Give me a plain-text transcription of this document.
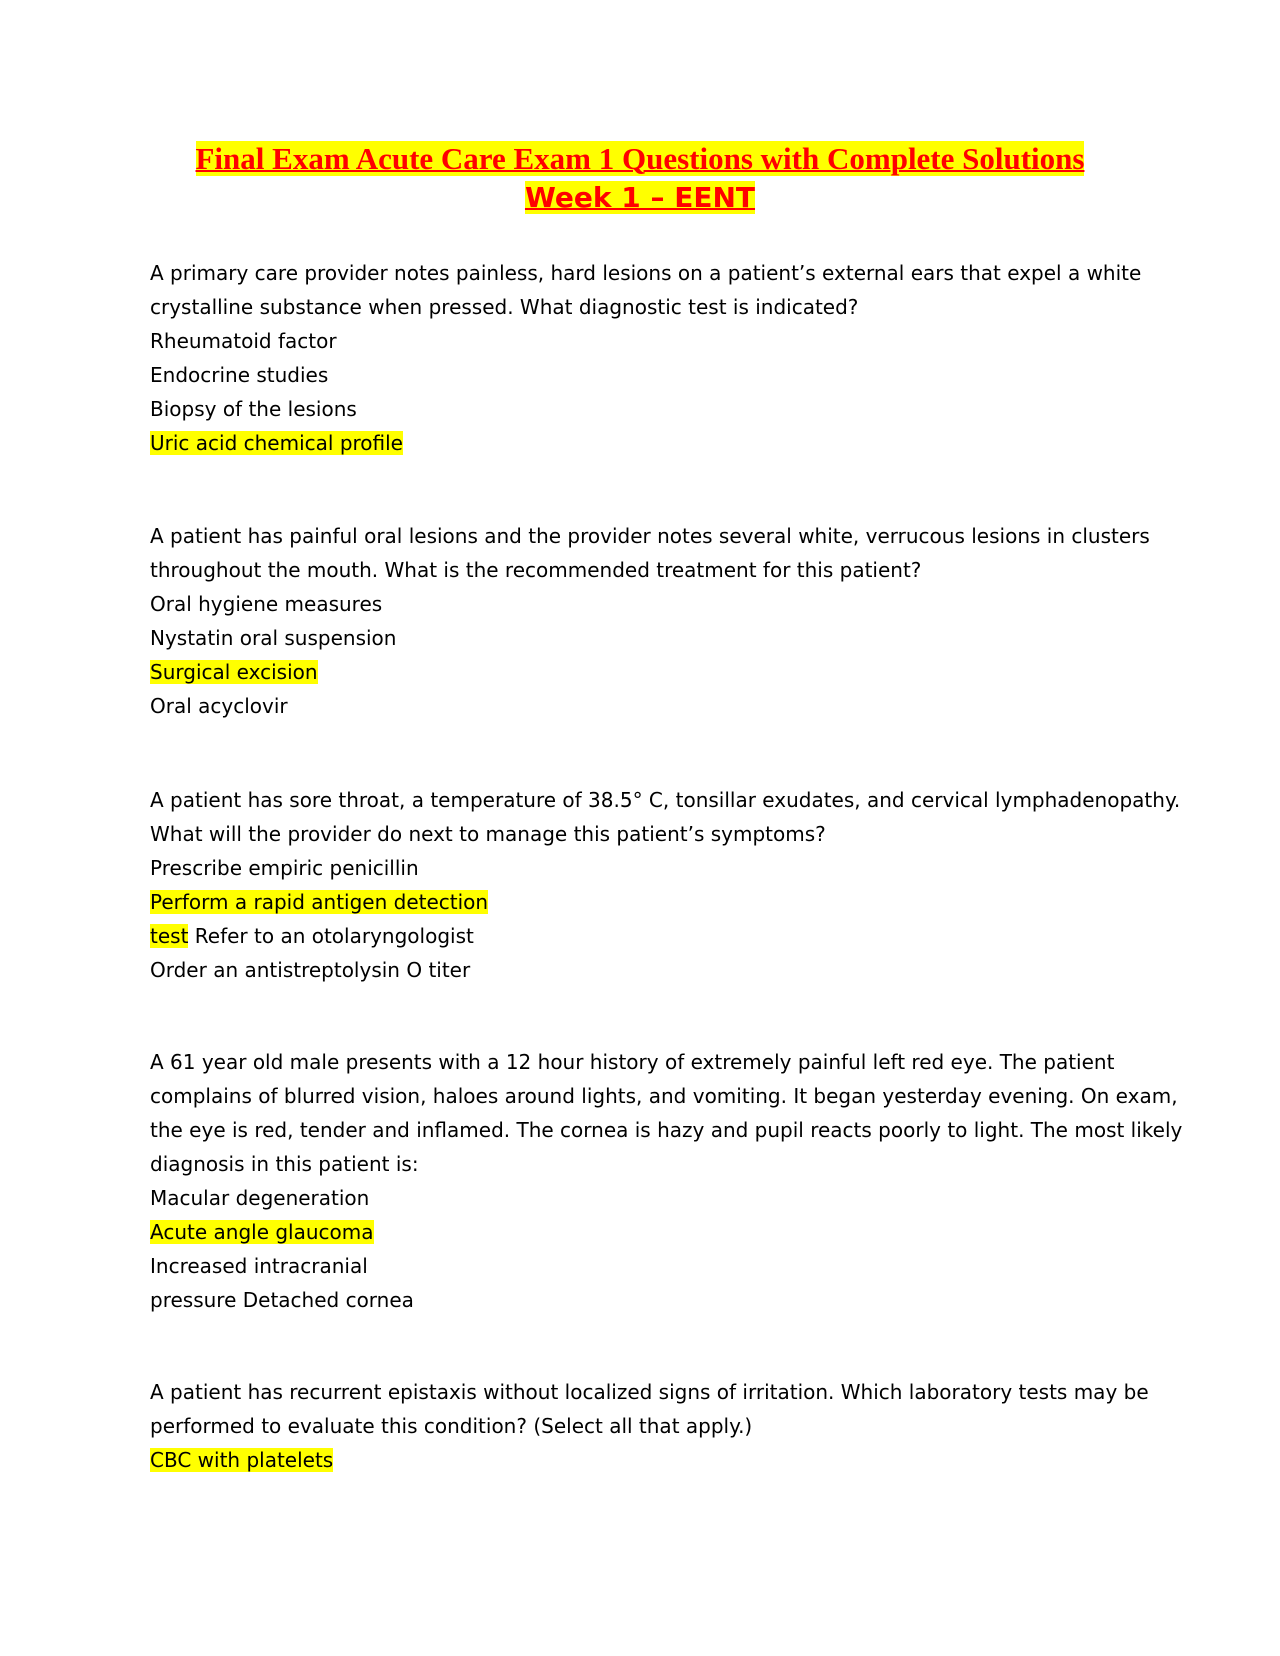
Final Exam Acute Care Exam 1 Questions with Complete Solutions
Week 1 – EENT
A primary care provider notes painless, hard lesions on a patient’s external ears that expel a white
crystalline substance when pressed. What diagnostic test is indicated?
Rheumatoid factor
Endocrine studies
Biopsy of the lesions
Uric acid chemical profile
A patient has painful oral lesions and the provider notes several white, verrucous lesions in clusters
throughout the mouth. What is the recommended treatment for this patient?
Oral hygiene measures
Nystatin oral suspension
Surgical excision
Oral acyclovir
A patient has sore throat, a temperature of 38.5° C, tonsillar exudates, and cervical lymphadenopathy.
What will the provider do next to manage this patient’s symptoms?
Prescribe empiric penicillin
Perform a rapid antigen detection
test Refer to an otolaryngologist
Order an antistreptolysin O titer
A 61 year old male presents with a 12 hour history of extremely painful left red eye. The patient
complains of blurred vision, haloes around lights, and vomiting. It began yesterday evening. On exam,
the eye is red, tender and inflamed. The cornea is hazy and pupil reacts poorly to light. The most likely
diagnosis in this patient is:
Macular degeneration
Acute angle glaucoma
Increased intracranial
pressure Detached cornea
A patient has recurrent epistaxis without localized signs of irritation. Which laboratory tests may be
performed to evaluate this condition? (Select all that apply.)
CBC with platelets
